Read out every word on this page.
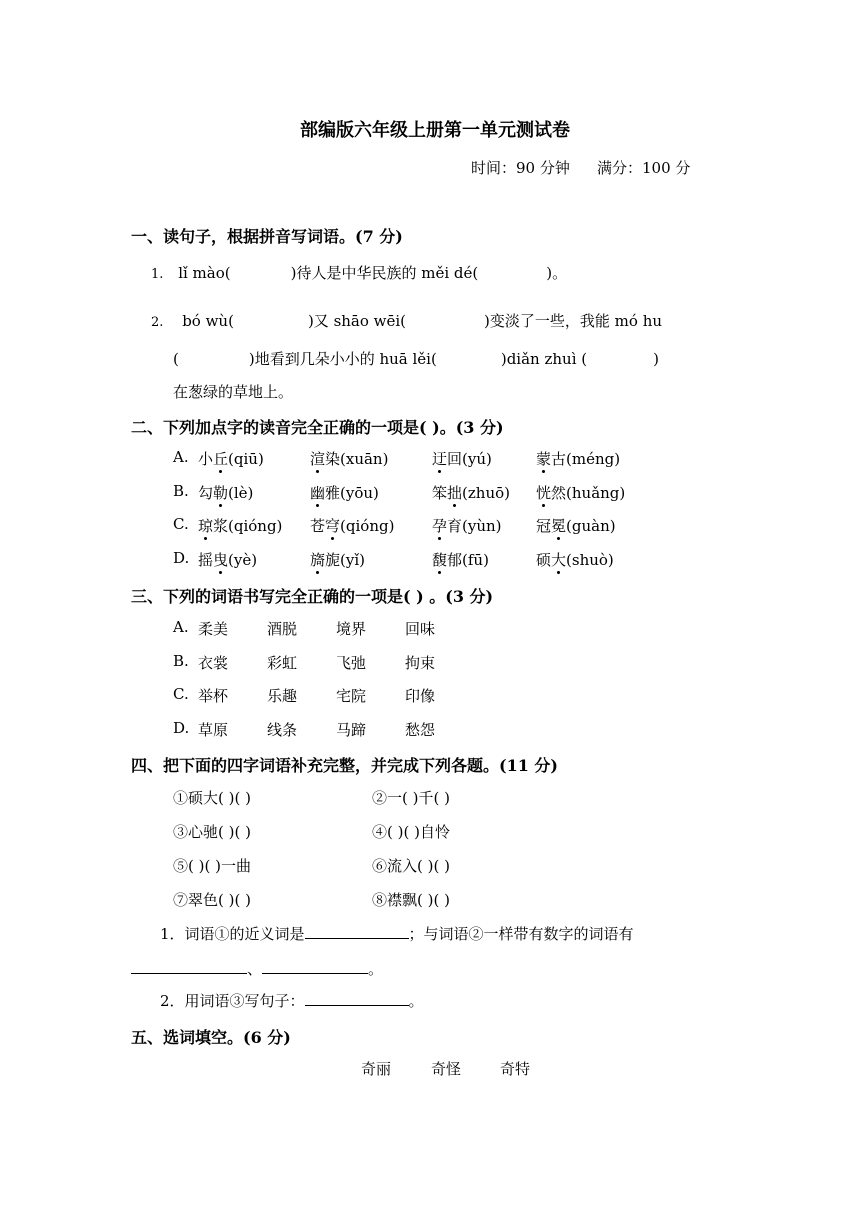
部编版六年级上册第一单元测试卷
时间：90 分钟 满分：100 分
一、读句子，根据拼音写词语。(7 分)
1. lǐ mào(	)待人是中华民族的 měi dé(	)。
2. bó wù(	)又 shāo wēi(	)变淡了一些，我能 mó hu
(	)地看到几朵小小的 huā lěi(	)diǎn zhuì (	)
在葱绿的草地上。
二、下列加点字的读音完全正确的一项是( )。(3 分)
A. 小丘(qiū)	渲染(xuān)	迂回(yú)	蒙古(méng)
B. 勾勒(lè)	幽雅(yōu)	笨拙(zhuō) 恍然(huǎng)
C. 琼浆(qióng) 苍穹(qióng)	孕育(yùn) 冠冕(guàn)
D. 摇曳(yè)	旖旎(yǐ)	馥郁(fū)	硕大(shuò)
三、下列的词语书写完全正确的一项是( ) 。(3 分)
A. 柔美	酒脱	境界	回味
B. 衣裳	彩虹	飞弛	拘束
C. 举杯	乐趣	宅院	印像
D. 草原	线条	马蹄	愁怨
四、把下面的四字词语补充完整，并完成下列各题。(11 分)
①硕大( )( )	②一( )千( )
③心驰( )( )	④( )( )自怜
⑤( )( )一曲	⑥流入( )( )
⑦翠色( )( )	⑧襟飘( )( )
1．词语①的近义词是	；与词语②一样带有数字的词语有
、	。
2．用词语③写句子：	。
五、选词填空。(6 分)
奇丽	奇怪	奇特
